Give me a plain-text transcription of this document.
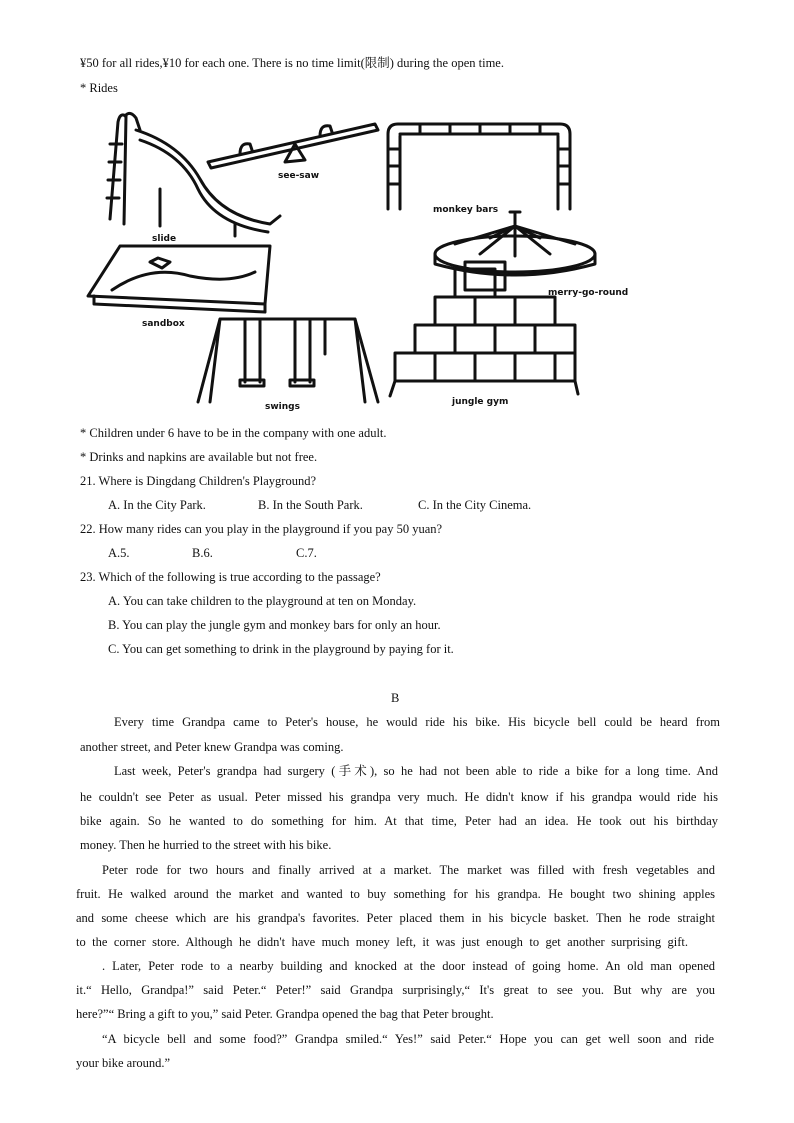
¥50 for all rides,¥10 for each one. There is no time limit(限制) during the open time.
* Rides
slide
see-saw
monkey bars
merry-go-round
sandbox
swings	jungle gym
* Children under 6 have to be in the company with one adult.
* Drinks and napkins are available but not free.
21. Where is Dingdang Children's Playground?
A. In the City Park.	B. In the South Park.	C. In the City Cinema.
22. How many rides can you play in the playground if you pay 50 yuan?
A.5.	B.6.	C.7.
23. Which of the following is true according to the passage?
A. You can take children to the playground at ten on Monday.
B. You can play the jungle gym and monkey bars for only an hour.
C. You can get something to drink in the playground by paying for it.
B
Every time Grandpa came to Peter's house, he would ride his bike. His bicycle bell could be heard from
another street, and Peter knew Grandpa was coming.
Last week, Peter's grandpa had surgery (手术), so he had not been able to ride a bike for a long time. And
he couldn't see Peter as usual. Peter missed his grandpa very much. He didn't know if his grandpa would ride his
bike again. So he wanted to do something for him. At that time, Peter had an idea. He took out his birthday
money. Then he hurried to the street with his bike.
Peter rode for two hours and finally arrived at a market. The market was filled with fresh vegetables and
fruit. He walked around the market and wanted to buy something for his grandpa. He bought two shining apples
and some cheese which are his grandpa's favorites. Peter placed them in his bicycle basket. Then he rode straight
to the corner store. Although he didn't have much money left, it was just enough to get another surprising gift.
. Later, Peter rode to a nearby building and knocked at the door instead of going home. An old man opened
it.“ Hello, Grandpa!” said Peter.“ Peter!” said Grandpa surprisingly,“ It's great to see you. But why are you
here?”“ Bring a gift to you,” said Peter. Grandpa opened the bag that Peter brought.
“A bicycle bell and some food?” Grandpa smiled.“ Yes!” said Peter.“ Hope you can get well soon and ride
your bike around.”
